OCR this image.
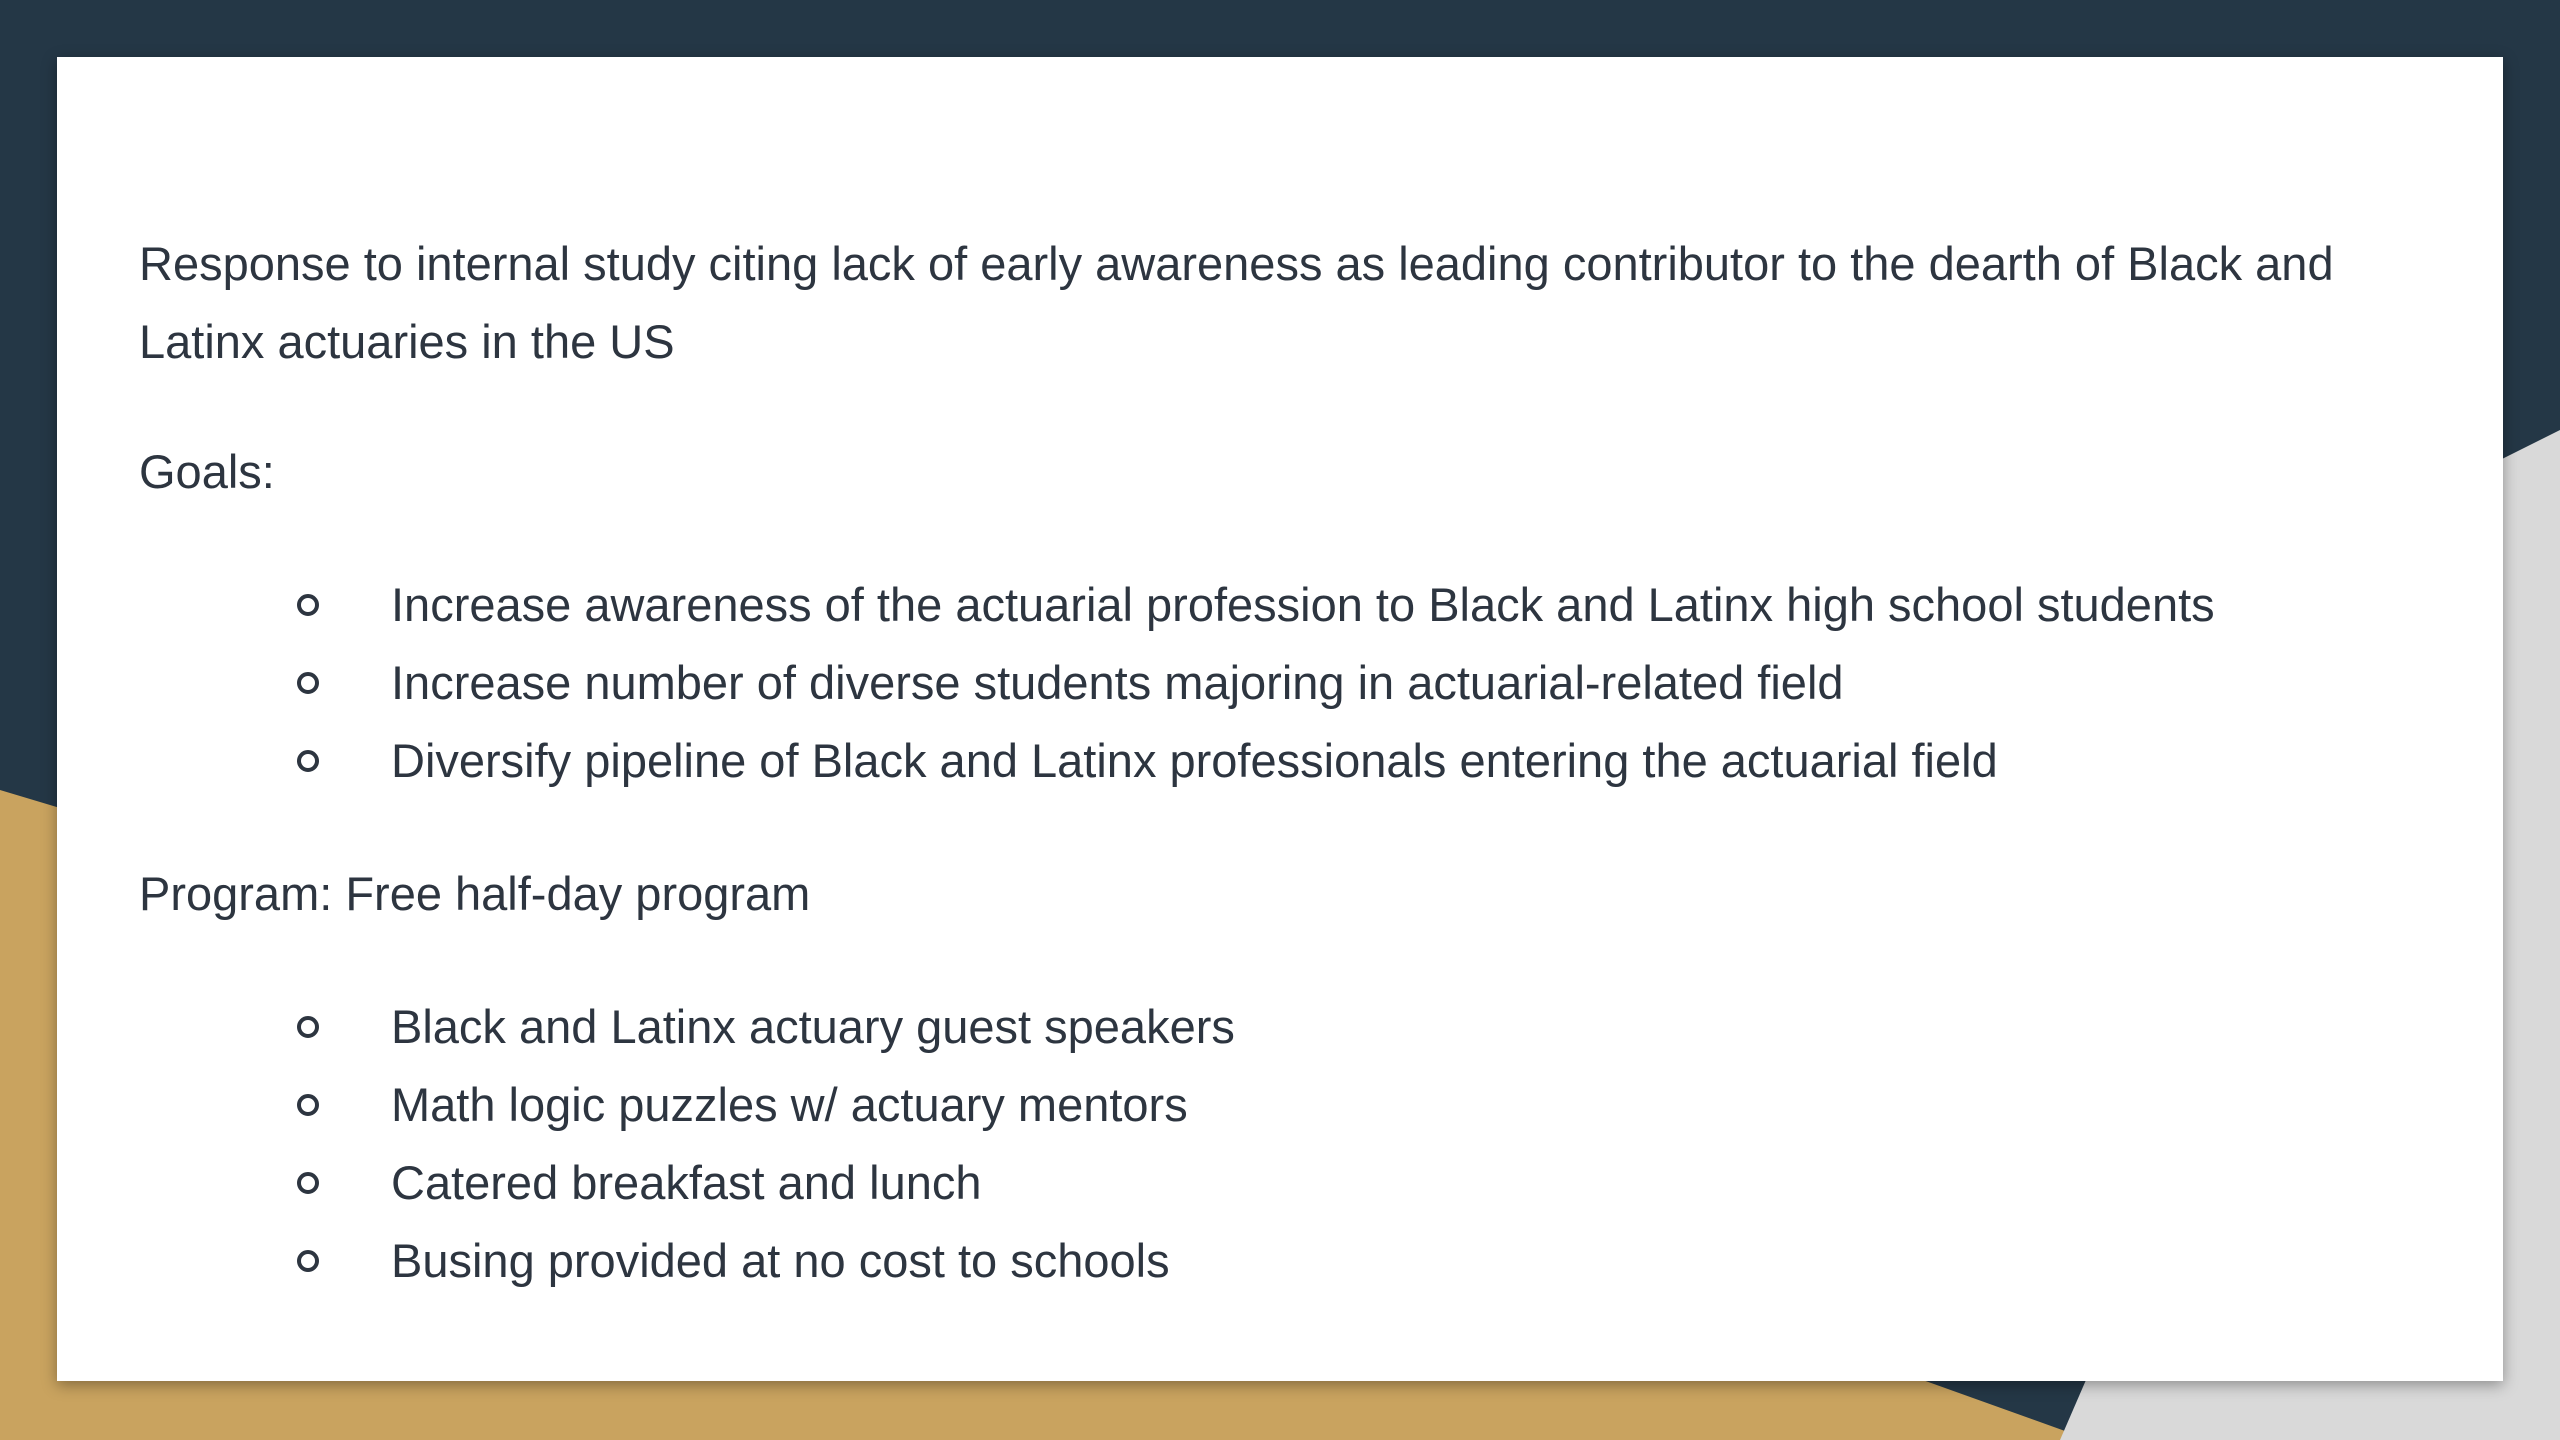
Response to internal study citing lack of early awareness as leading contributor to the dearth of Black and Latinx actuaries in the US

Goals:

Increase awareness of the actuarial profession to Black and Latinx high school students
Increase number of diverse students majoring in actuarial-related field
Diversify pipeline of Black and Latinx professionals entering the actuarial field

Program: Free half-day program

Black and Latinx actuary guest speakers
Math logic puzzles w/ actuary mentors
Catered breakfast and lunch
Busing provided at no cost to schools
